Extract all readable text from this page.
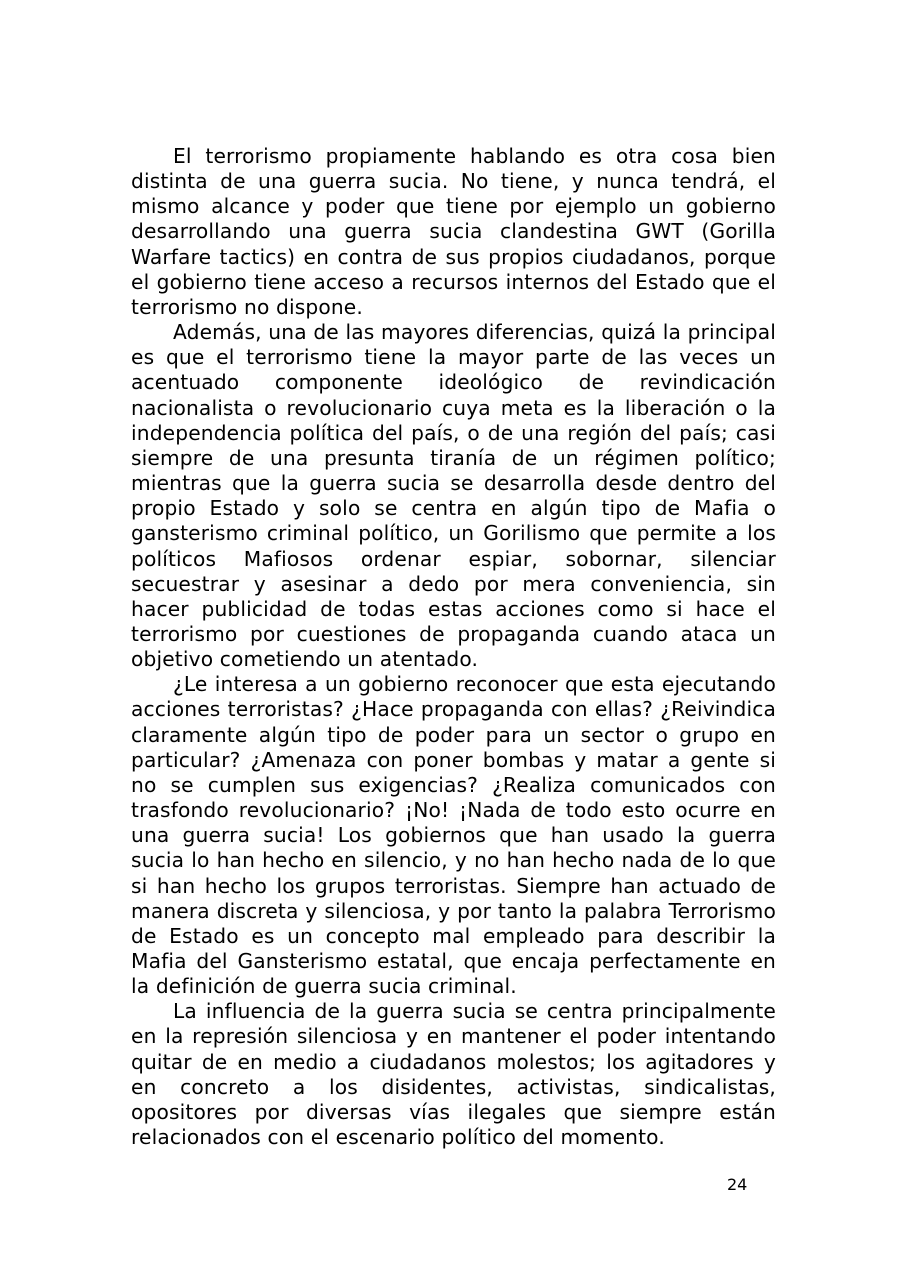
El terrorismo propiamente hablando es otra cosa bien distinta de una guerra sucia. No tiene, y nunca tendrá, el mismo alcance y poder que tiene por ejemplo un gobierno desarrollando una guerra sucia clandestina GWT (Gorilla Warfare tactics) en contra de sus propios ciudadanos, porque el gobierno tiene acceso a recursos internos del Estado que el terrorismo no dispone.

Además, una de las mayores diferencias, quizá la principal es que el terrorismo tiene la mayor parte de las veces un acentuado componente ideológico de revindicación nacionalista o revolucionario cuya meta es la liberación o la independencia política del país, o de una región del país; casi siempre de una presunta tiranía de un régimen político; mientras que la guerra sucia se desarrolla desde dentro del propio Estado y solo se centra en algún tipo de Mafia o gansterismo criminal político, un Gorilismo que permite a los políticos Mafiosos ordenar espiar, sobornar, silenciar secuestrar y asesinar a dedo por mera conveniencia, sin hacer publicidad de todas estas acciones como si hace el terrorismo por cuestiones de propaganda cuando ataca un objetivo cometiendo un atentado.

¿Le interesa a un gobierno reconocer que esta ejecutando acciones terroristas? ¿Hace propaganda con ellas? ¿Reivindica claramente algún tipo de poder para un sector o grupo en particular? ¿Amenaza con poner bombas y matar a gente si no se cumplen sus exigencias? ¿Realiza comunicados con trasfondo revolucionario? ¡No! ¡Nada de todo esto ocurre en una guerra sucia! Los gobiernos que han usado la guerra sucia lo han hecho en silencio, y no han hecho nada de lo que si han hecho los grupos terroristas. Siempre han actuado de manera discreta y silenciosa, y por tanto la palabra Terrorismo de Estado es un concepto mal empleado para describir la Mafia del Gansterismo estatal, que encaja perfectamente en la definición de guerra sucia criminal.

La influencia de la guerra sucia se centra principalmente en la represión silenciosa y en mantener el poder intentando quitar de en medio a ciudadanos molestos; los agitadores y en concreto a los disidentes, activistas, sindicalistas, opositores por diversas vías ilegales que siempre están relacionados con el escenario político del momento.

24
